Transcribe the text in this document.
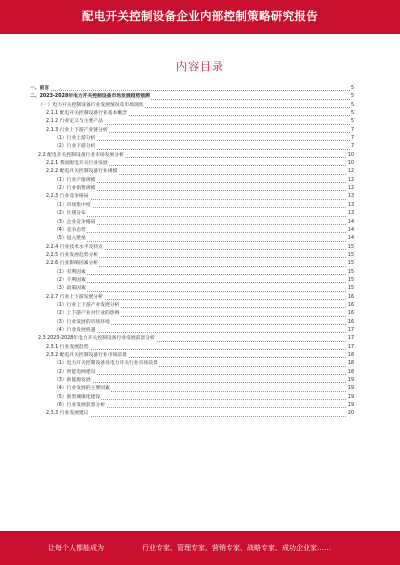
配电开关控制设备企业内部控制策略研究报告
内容目录
一、前言	5
二、2023-2028年电力开关控制设备市场发展趋势预测	5
（一）电力开关控制设备行业发展情况及市场现状	5
2.1.1 配电开关控制设备行业基本概念	5
2.1.2 行业定义与主要产品	5
2.1.3 行业上下游产业链分析	7
（1）行业上游分析	7
（2）行业下游分析	7
2.2 配电开关控制设备行业市场发展分析	10
2.2.1 我国配电开关行业发展	10
2.2.2 配电开关控制设备行业规模	12
（1）行业产值规模	12
（2）行业销售规模	12
2.2.3 行业竞争格局	13
（1）市场集中度	13
（2）区域分布	13
（3）企业竞争格局	14
（4）竞争态势	14
（5）进入壁垒	14
2.2.4 行业技术水平及特点	15
2.2.5 行业发展趋势分析	15
2.2.6 行业影响因素分析	15
（1）有利因素	15
（2）不利因素	15
（3）政策因素	15
2.2.7 行业上下游发展分析	16
（1）行业上下游产业发展分析	16
（2）上下游产业对行业的影响	16
（3）行业发展的市场环境	16
（4）行业发展机遇	17
2.3 2023-2028年电力开关控制设备行业发展前景分析	17
2.3.1 行业发展趋势	17
2.3.2 配电开关控制设备行业市场前景	18
（1）电力开关控制设备及电力开关行业市场前景	18
（2）智能电网建设	18
（3）新能源发展	19
（4）行业发展的主要因素	19
（5）新型城镇化建设	19
（6）行业发展前景分析	19
2.3.3 行业发展建议	20
让每个人都能成为	行业专家、管理专家、营销专家、战略专家、成功企业家……
